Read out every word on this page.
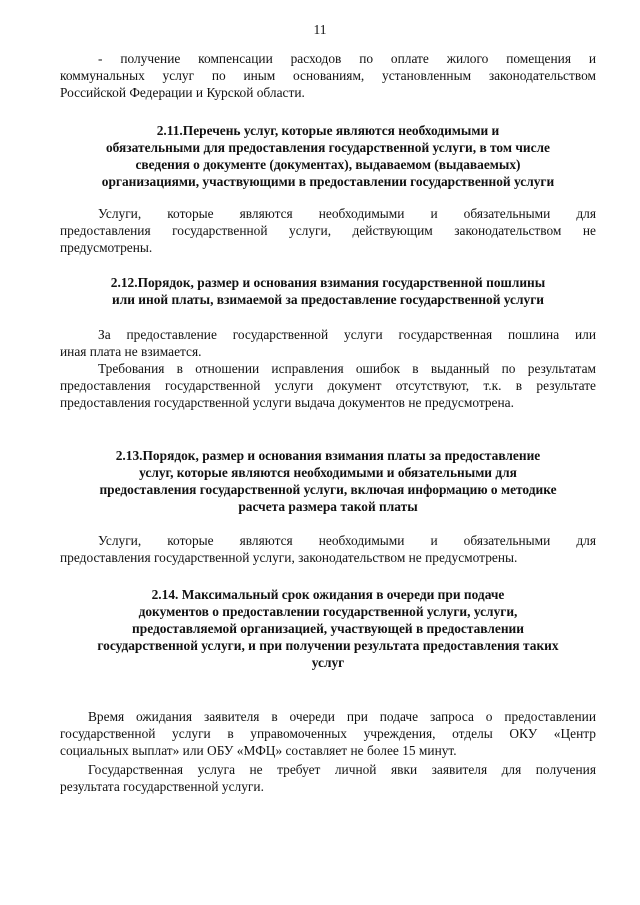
11
- получение компенсации расходов по оплате жилого помещения и
коммунальных услуг по иным основаниям, установленным законодательством
Российской Федерации и Курской области.
2.11.Перечень услуг, которые являются необходимыми и
обязательными для предоставления государственной услуги, в том числе
сведения о документе (документах), выдаваемом (выдаваемых)
организациями, участвующими в предоставлении государственной услуги
Услуги, которые являются необходимыми и обязательными для
предоставления государственной услуги, действующим законодательством не
предусмотрены.
2.12.Порядок, размер и основания взимания государственной пошлины
или иной платы, взимаемой за предоставление государственной услуги
За предоставление государственной услуги государственная пошлина или
иная плата не взимается.
Требования в отношении исправления ошибок в выданный по результатам
предоставления государственной услуги документ отсутствуют, т.к. в результате
предоставления государственной услуги выдача документов не предусмотрена.
2.13.Порядок, размер и основания взимания платы за предоставление
услуг, которые являются необходимыми и обязательными для
предоставления государственной услуги, включая информацию о методике
расчета размера такой платы
Услуги, которые являются необходимыми и обязательными для
предоставления государственной услуги, законодательством не предусмотрены.
2.14. Максимальный срок ожидания в очереди при подаче
документов о предоставлении государственной услуги, услуги,
предоставляемой организацией, участвующей в предоставлении
государственной услуги, и при получении результата предоставления таких
услуг
Время ожидания заявителя в очереди при подаче запроса о предоставлении
государственной услуги в управомоченных учреждения, отделы ОКУ «Центр
социальных выплат» или ОБУ «МФЦ» составляет не более 15 минут.
Государственная услуга не требует личной явки заявителя для получения
результата государственной услуги.
